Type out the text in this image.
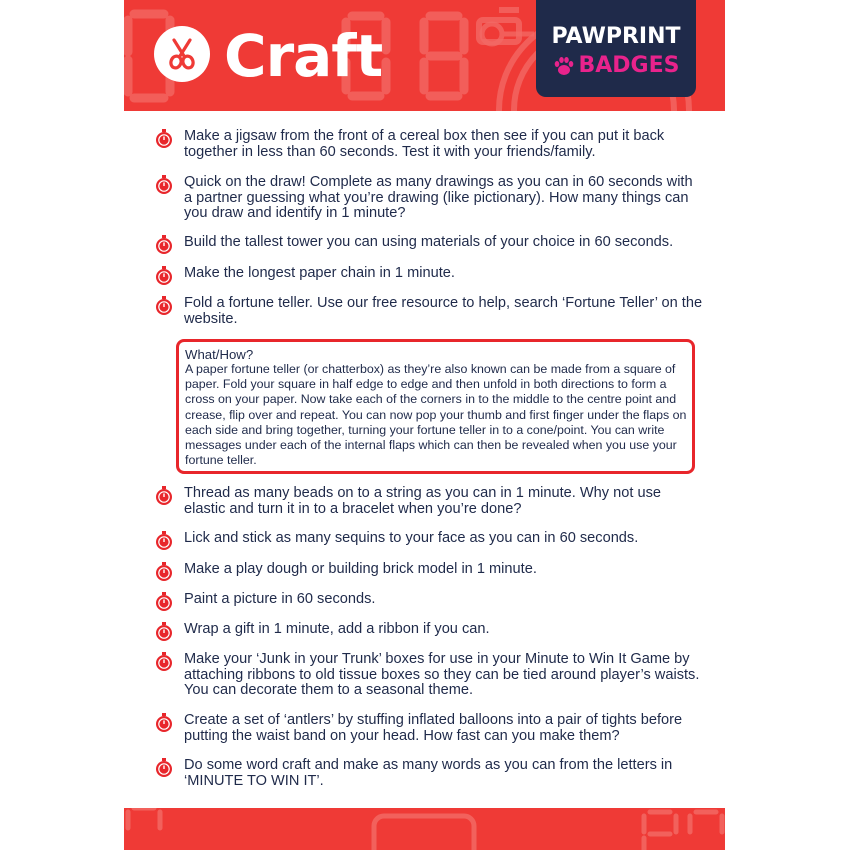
Craft	PAWPRINT
BADGES
Make a jigsaw from the front of a cereal box then see if you can put it back together in less than 60 seconds. Test it with your friends/family.
Quick on the draw! Complete as many drawings as you can in 60 seconds with a partner guessing what you’re drawing (like pictionary). How many things can you draw and identify in 1 minute?
Build the tallest tower you can using materials of your choice in 60 seconds.
Make the longest paper chain in 1 minute.
Fold a fortune teller. Use our free resource to help, search ‘Fortune Teller’ on the website.
What/How?
A paper fortune teller (or chatterbox) as they’re also known can be made from a square of paper. Fold your square in half edge to edge and then unfold in both directions to form a cross on your paper. Now take each of the corners in to the middle to the centre point and crease, flip over and repeat. You can now pop your thumb and first finger under the flaps on each side and bring together, turning your fortune teller in to a cone/point. You can write messages under each of the internal flaps which can then be revealed when you use your fortune teller.
Thread as many beads on to a string as you can in 1 minute. Why not use elastic and turn it in to a bracelet when you’re done?
Lick and stick as many sequins to your face as you can in 60 seconds.
Make a play dough or building brick model in 1 minute.
Paint a picture in 60 seconds.
Wrap a gift in 1 minute, add a ribbon if you can.
Make your ‘Junk in your Trunk’ boxes for use in your Minute to Win It Game by attaching ribbons to old tissue boxes so they can be tied around player’s waists. You can decorate them to a seasonal theme.
Create a set of ‘antlers’ by stuffing inflated balloons into a pair of tights before putting the waist band on your head. How fast can you make them?
Do some word craft and make as many words as you can from the letters in ‘MINUTE TO WIN IT’.
